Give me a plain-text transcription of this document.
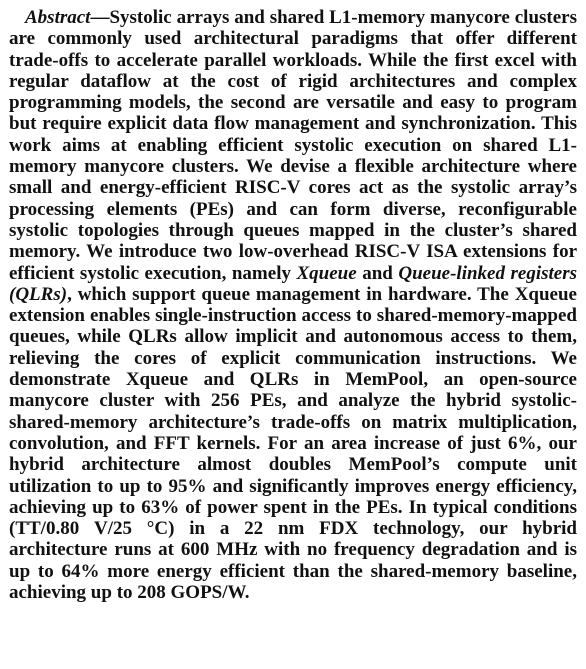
Abstract—Systolic arrays and shared L1-memory manycore clusters are commonly used architectural paradigms that offer different trade-offs to accelerate parallel workloads. While the first excel with regular dataflow at the cost of rigid architectures and complex programming models, the second are versatile and easy to program but require explicit data flow management and synchronization. This work aims at enabling efficient systolic execution on shared L1-memory manycore clusters. We devise a flexible architecture where small and energy-efficient RISC-V cores act as the systolic array’s processing elements (PEs) and can form diverse, reconfigurable systolic topologies through queues mapped in the cluster’s shared memory. We introduce two low-overhead RISC-V ISA extensions for efficient systolic execution, namely Xqueue and Queue-linked registers (QLRs), which support queue management in hardware. The Xqueue extension enables single-instruction access to shared-memory-mapped queues, while QLRs allow implicit and autonomous access to them, relieving the cores of explicit communication instructions. We demonstrate Xqueue and QLRs in MemPool, an open-source manycore cluster with 256 PEs, and analyze the hybrid systolic-shared-memory architecture’s trade-offs on matrix multiplication, convolution, and FFT kernels. For an area increase of just 6%, our hybrid architecture almost doubles MemPool’s compute unit utilization to up to 95% and significantly improves energy efficiency, achieving up to 63% of power spent in the PEs. In typical conditions (TT/0.80 V/25 °C) in a 22 nm FDX technology, our hybrid architecture runs at 600 MHz with no frequency degradation and is up to 64% more energy efficient than the shared-memory baseline, achieving up to 208 GOPS/W.
